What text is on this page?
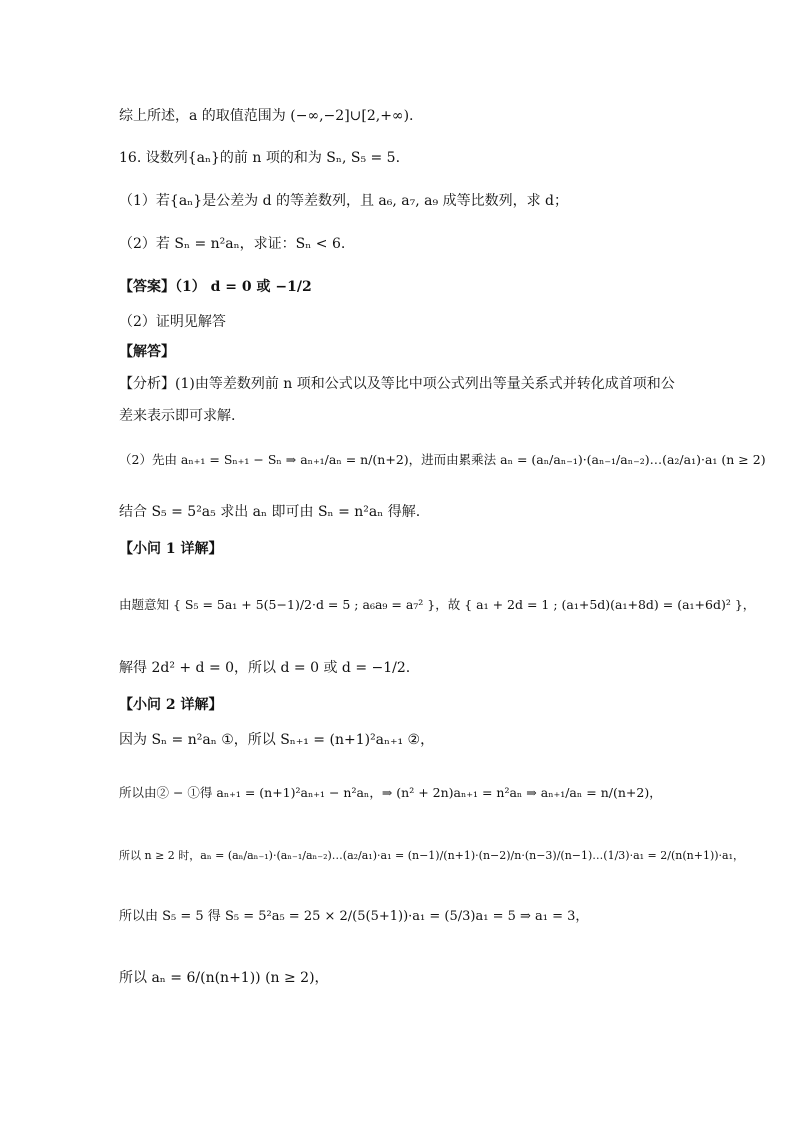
综上所述，a 的取值范围为 (−∞,−2]∪[2,+∞).
16. 设数列{aₙ}的前 n 项的和为 Sₙ, S₅ = 5.
（1）若{aₙ}是公差为 d 的等差数列，且 a₆, a₇, a₉ 成等比数列，求 d；
（2）若 Sₙ = n²aₙ，求证：Sₙ < 6.
【答案】（1） d = 0 或 −1/2
（2）证明见解答
【解答】
【分析】(1)由等差数列前 n 项和公式以及等比中项公式列出等量关系式并转化成首项和公
差来表示即可求解.
（2）先由 aₙ₊₁ = Sₙ₊₁ − Sₙ ⇒ aₙ₊₁/aₙ = n/(n+2)，进而由累乘法 aₙ = (aₙ/aₙ₋₁)·(aₙ₋₁/aₙ₋₂)…(a₂/a₁)·a₁ (n ≥ 2)
结合 S₅ = 5²a₅ 求出 aₙ 即可由 Sₙ = n²aₙ 得解.
【小问 1 详解】
由题意知 { S₅ = 5a₁ + 5(5−1)/2·d = 5 ; a₆a₉ = a₇² }，故 { a₁ + 2d = 1 ; (a₁+5d)(a₁+8d) = (a₁+6d)² }，
解得 2d² + d = 0，所以 d = 0 或 d = −1/2.
【小问 2 详解】
因为 Sₙ = n²aₙ ①，所以 Sₙ₊₁ = (n+1)²aₙ₊₁ ②，
所以由② − ①得 aₙ₊₁ = (n+1)²aₙ₊₁ − n²aₙ，⇒ (n² + 2n)aₙ₊₁ = n²aₙ ⇒ aₙ₊₁/aₙ = n/(n+2)，
所以 n ≥ 2 时，aₙ = (aₙ/aₙ₋₁)·(aₙ₋₁/aₙ₋₂)…(a₂/a₁)·a₁ = (n−1)/(n+1)·(n−2)/n·(n−3)/(n−1)…(1/3)·a₁ = 2/(n(n+1))·a₁，
所以由 S₅ = 5 得 S₅ = 5²a₅ = 25 × 2/(5(5+1))·a₁ = (5/3)a₁ = 5 ⇒ a₁ = 3，
所以 aₙ = 6/(n(n+1)) (n ≥ 2)，
